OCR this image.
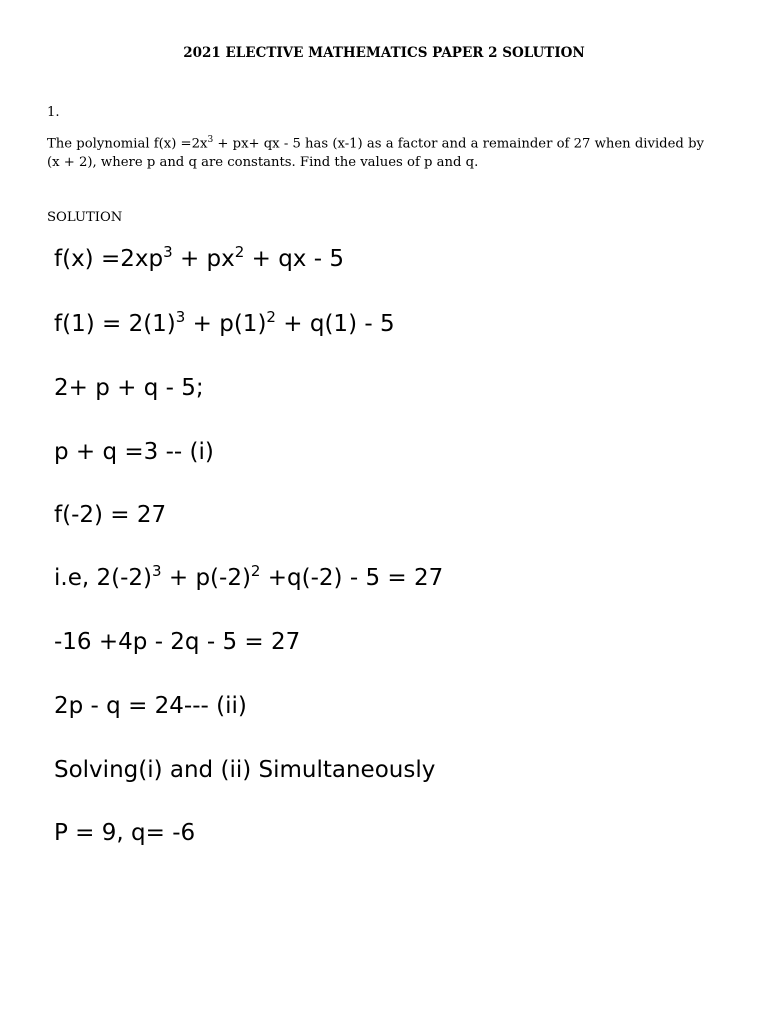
2021 ELECTIVE MATHEMATICS PAPER 2 SOLUTION
1.

The polynomial $f(x) =2x^3 + px+$ qx - 5 has (x-1) as a factor and a remainder of 27 when divided by

(x + 2), where p and q are constants. Find the values of p and q.

SOLUTION
$f(x) =2xp^3 + px^2$ + qx - 5
$f(1) = 2(1)^3 + p(1)^2 + q(1) - 5$
2+ p + q - 5;
p + q =3 -- (i)
f(-2) = 27
i.e, $2(-2)^3 + p(-2)^2 +q(-2) - 5 = 27$
-16 +4p - 2q - 5 = 27
2p - q = 24--- (ii)
Solving(i) and (ii) Simultaneously
P = 9, q= -6
